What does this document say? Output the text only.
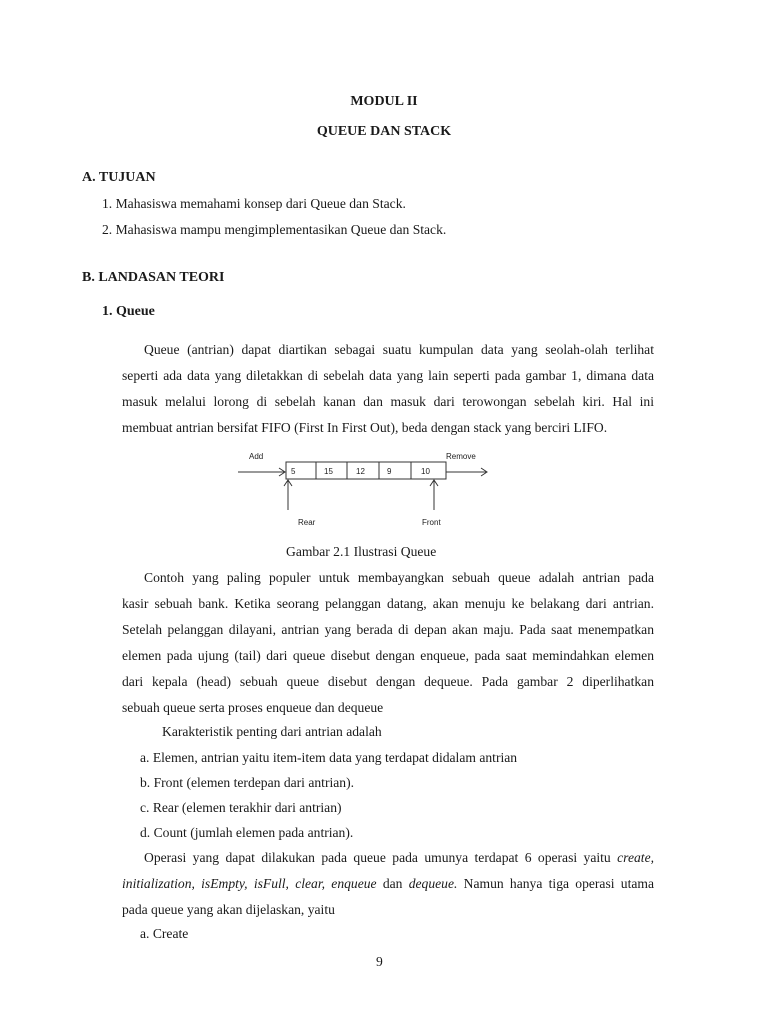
MODUL II
QUEUE DAN STACK
A. TUJUAN
1. Mahasiswa memahami konsep dari Queue dan Stack.
2. Mahasiswa mampu mengimplementasikan Queue dan Stack.
B. LANDASAN TEORI
1. Queue
Queue (antrian) dapat diartikan sebagai suatu kumpulan data yang seolah-olah terlihat
seperti ada data yang diletakkan di sebelah data yang lain seperti pada gambar 1, dimana data
masuk melalui lorong di sebelah kanan dan masuk dari terowongan sebelah kiri. Hal ini
membuat antrian bersifat FIFO (First In First Out), beda dengan stack yang berciri LIFO.
Add	Remove
5	15	12	9	10
Rear	Front
Gambar 2.1 Ilustrasi Queue
Contoh yang paling populer untuk membayangkan sebuah queue adalah antrian pada
kasir sebuah bank. Ketika seorang pelanggan datang, akan menuju ke belakang dari antrian.
Setelah pelanggan dilayani, antrian yang berada di depan akan maju. Pada saat menempatkan
elemen pada ujung (tail) dari queue disebut dengan enqueue, pada saat memindahkan elemen
dari kepala (head) sebuah queue disebut dengan dequeue. Pada gambar 2 diperlihatkan
sebuah queue serta proses enqueue dan dequeue
Karakteristik penting dari antrian adalah
a. Elemen, antrian yaitu item-item data yang terdapat didalam antrian
b. Front (elemen terdepan dari antrian).
c. Rear (elemen terakhir dari antrian)
d. Count (jumlah elemen pada antrian).
Operasi yang dapat dilakukan pada queue pada umunya terdapat 6 operasi yaitu create,
initialization, isEmpty, isFull, clear, enqueue dan dequeue. Namun hanya tiga operasi utama
pada queue yang akan dijelaskan, yaitu
a. Create
9
